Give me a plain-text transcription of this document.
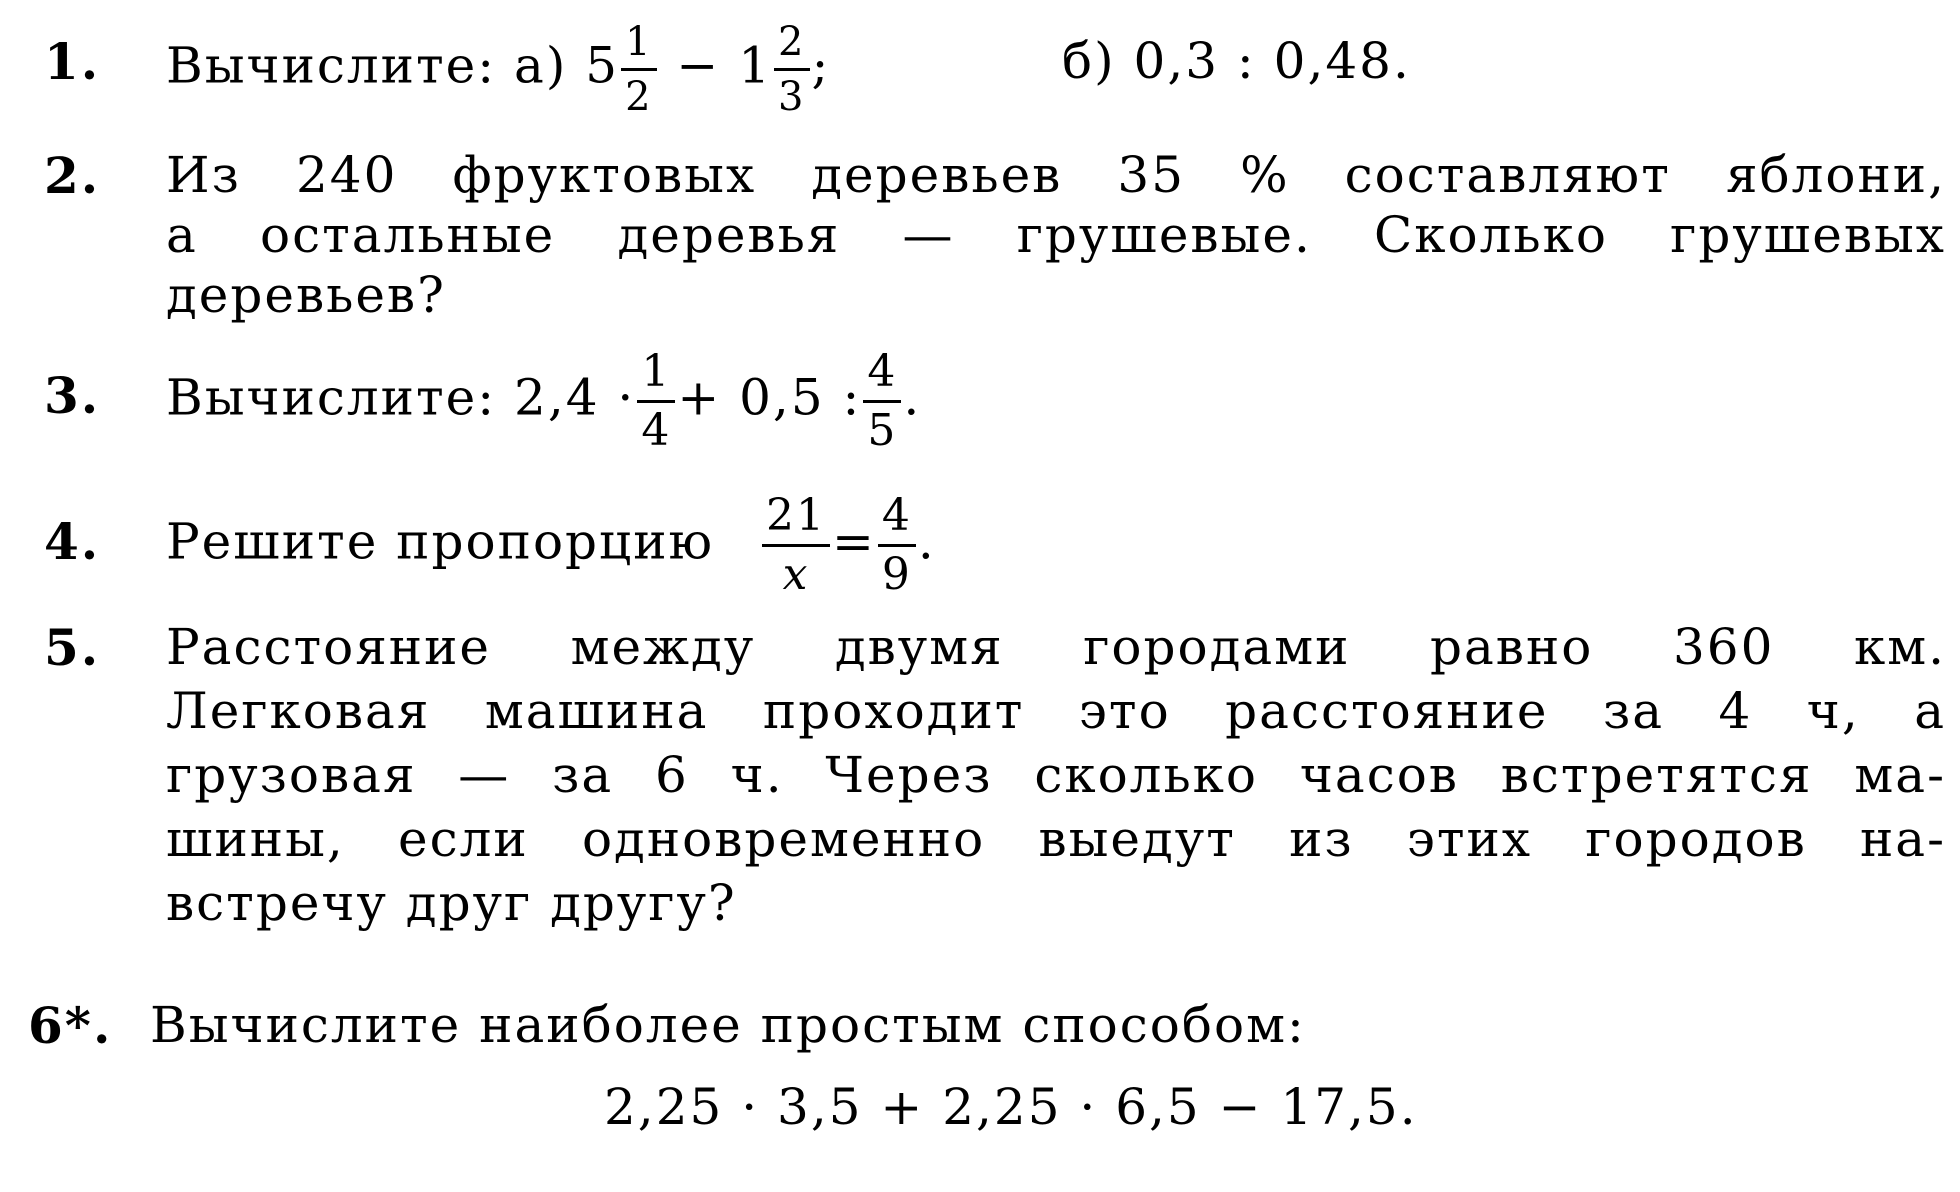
1. Вычислите: а) $5 \frac{1}{2} - 1 \frac{2}{3}$ ;	б) 0,3 : 0,48.
2. Из 240 фруктовых деревьев 35 % составляют яблони,
а остальные деревья — грушевые. Сколько грушевых
деревьев?
3. Вычислите: $2,4 \cdot \frac{1}{4} + 0,5$ : $\frac{4}{5}$ .
4. Решите пропорцию $\frac{21}{x} = \frac{4}{9}$ .
5. Расстояние между двумя городами равно 360 км.
Легковая машина проходит это расстояние за 4 ч, а
грузовая — за 6 ч. Через сколько часов встретятся ма-
шины, если одновременно выедут из этих городов на-
встречу друг другу?
6*. Вычислите наиболее простым способом:
2,25 · 3,5 + 2,25 · 6,5 − 17,5.
